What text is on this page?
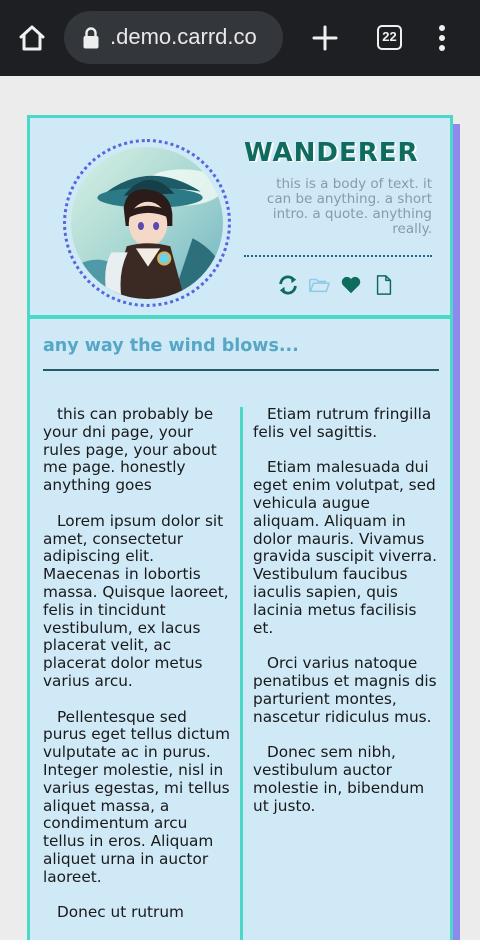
.demo.carrd.co	22
WANDERER
this is a body of text. it can be anything. a short intro. a quote. anything really.
any way the wind blows...

this can probably be your dni page, your rules page, your about me page. honestly anything goes

Lorem ipsum dolor sit amet, consectetur adipiscing elit. Maecenas in lobortis massa. Quisque laoreet, felis in tincidunt vestibulum, ex lacus placerat velit, ac placerat dolor metus varius arcu.

Pellentesque sed purus eget tellus dictum vulputate ac in purus. Integer molestie, nisl in varius egestas, mi tellus aliquet massa, a condimentum arcu tellus in eros. Aliquam aliquet urna in auctor laoreet.

Donec ut rutrum

Etiam rutrum fringilla felis vel sagittis.

Etiam malesuada dui eget enim volutpat, sed vehicula augue aliquam. Aliquam in dolor mauris. Vivamus gravida suscipit viverra. Vestibulum faucibus iaculis sapien, quis lacinia metus facilisis et.

Orci varius natoque penatibus et magnis dis parturient montes, nascetur ridiculus mus.

Donec sem nibh, vestibulum auctor molestie in, bibendum ut justo.
